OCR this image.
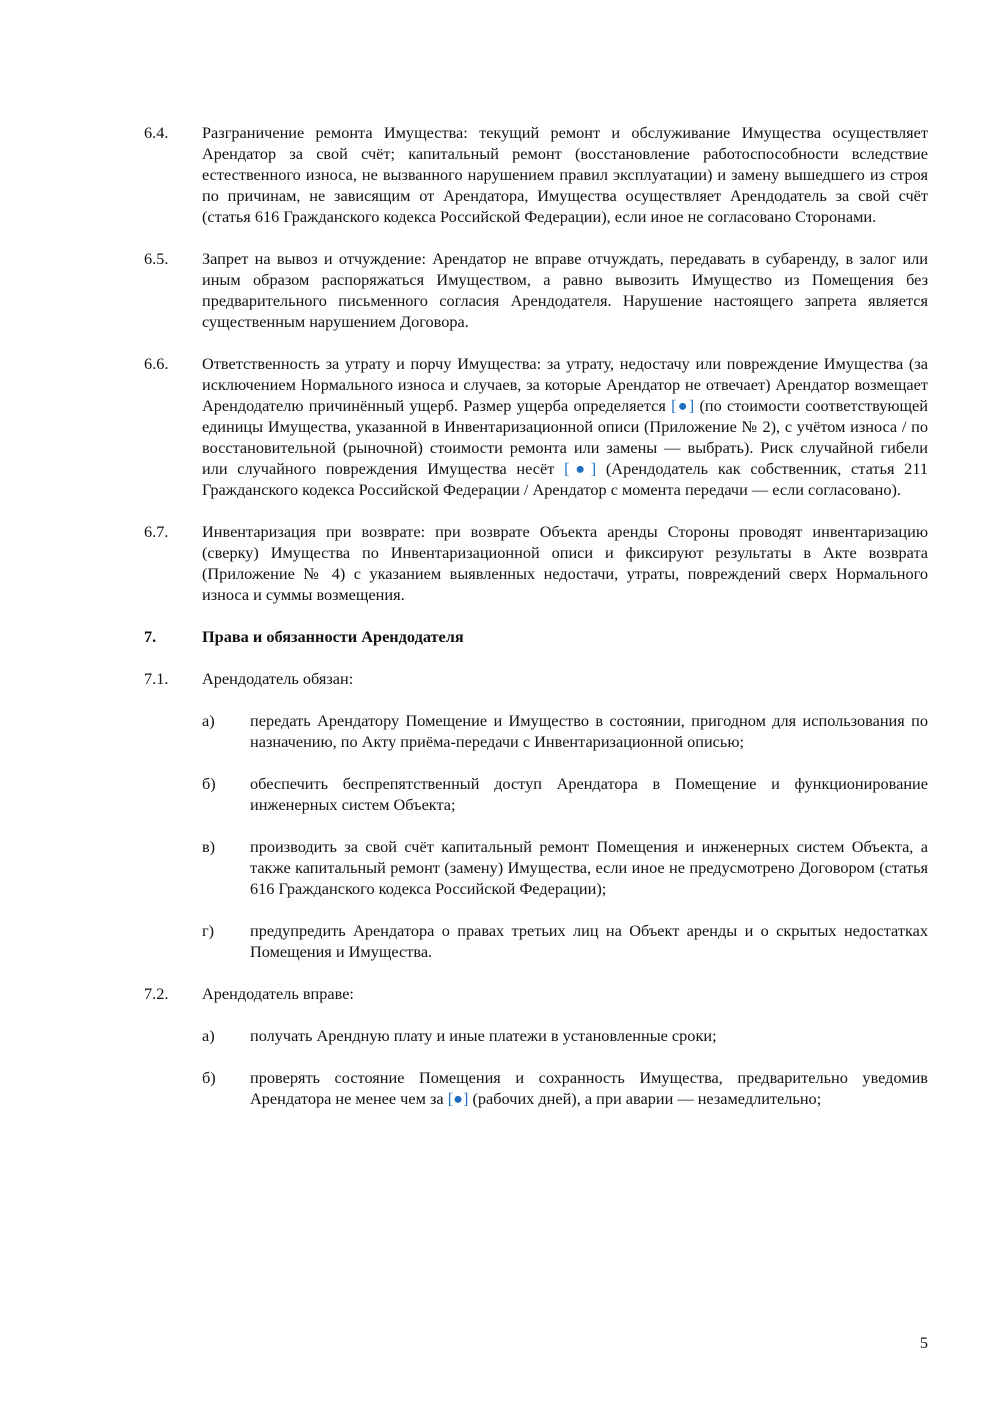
6.4.	Разграничение ремонта Имущества: текущий ремонт и обслуживание Имущества осуществляет Арендатор за свой счёт; капитальный ремонт (восстановление работоспособности вследствие естественного износа, не вызванного нарушением правил эксплуатации) и замену вышедшего из строя по причинам, не зависящим от Арендатора, Имущества осуществляет Арендодатель за свой счёт (статья 616 Гражданского кодекса Российской Федерации), если иное не согласовано Сторонами.
6.5.	Запрет на вывоз и отчуждение: Арендатор не вправе отчуждать, передавать в субаренду, в залог или иным образом распоряжаться Имуществом, а равно вывозить Имущество из Помещения без предварительного письменного согласия Арендодателя. Нарушение настоящего запрета является существенным нарушением Договора.
6.6.	Ответственность за утрату и порчу Имущества: за утрату, недостачу или повреждение Имущества (за исключением Нормального износа и случаев, за которые Арендатор не отвечает) Арендатор возмещает Арендодателю причинённый ущерб. Размер ущерба определяется [●] (по стоимости соответствующей единицы Имущества, указанной в Инвентаризационной описи (Приложение № 2), с учётом износа / по восстановительной (рыночной) стоимости ремонта или замены — выбрать). Риск случайной гибели или случайного повреждения Имущества несёт [●] (Арендодатель как собственник, статья 211 Гражданского кодекса Российской Федерации / Арендатор с момента передачи — если согласовано).
6.7.	Инвентаризация при возврате: при возврате Объекта аренды Стороны проводят инвентаризацию (сверку) Имущества по Инвентаризационной описи и фиксируют результаты в Акте возврата (Приложение № 4) с указанием выявленных недостачи, утраты, повреждений сверх Нормального износа и суммы возмещения.
7.	Права и обязанности Арендодателя
7.1.	Арендодатель обязан:
а)	передать Арендатору Помещение и Имущество в состоянии, пригодном для использования по назначению, по Акту приёма-передачи с Инвентаризационной описью;
б)	обеспечить беспрепятственный доступ Арендатора в Помещение и функционирование инженерных систем Объекта;
в)	производить за свой счёт капитальный ремонт Помещения и инженерных систем Объекта, а также капитальный ремонт (замену) Имущества, если иное не предусмотрено Договором (статья 616 Гражданского кодекса Российской Федерации);
г)	предупредить Арендатора о правах третьих лиц на Объект аренды и о скрытых недостатках Помещения и Имущества.
7.2.	Арендодатель вправе:
а)	получать Арендную плату и иные платежи в установленные сроки;
б)	проверять состояние Помещения и сохранность Имущества, предварительно уведомив Арендатора не менее чем за [●] (рабочих дней), а при аварии — незамедлительно;
5
